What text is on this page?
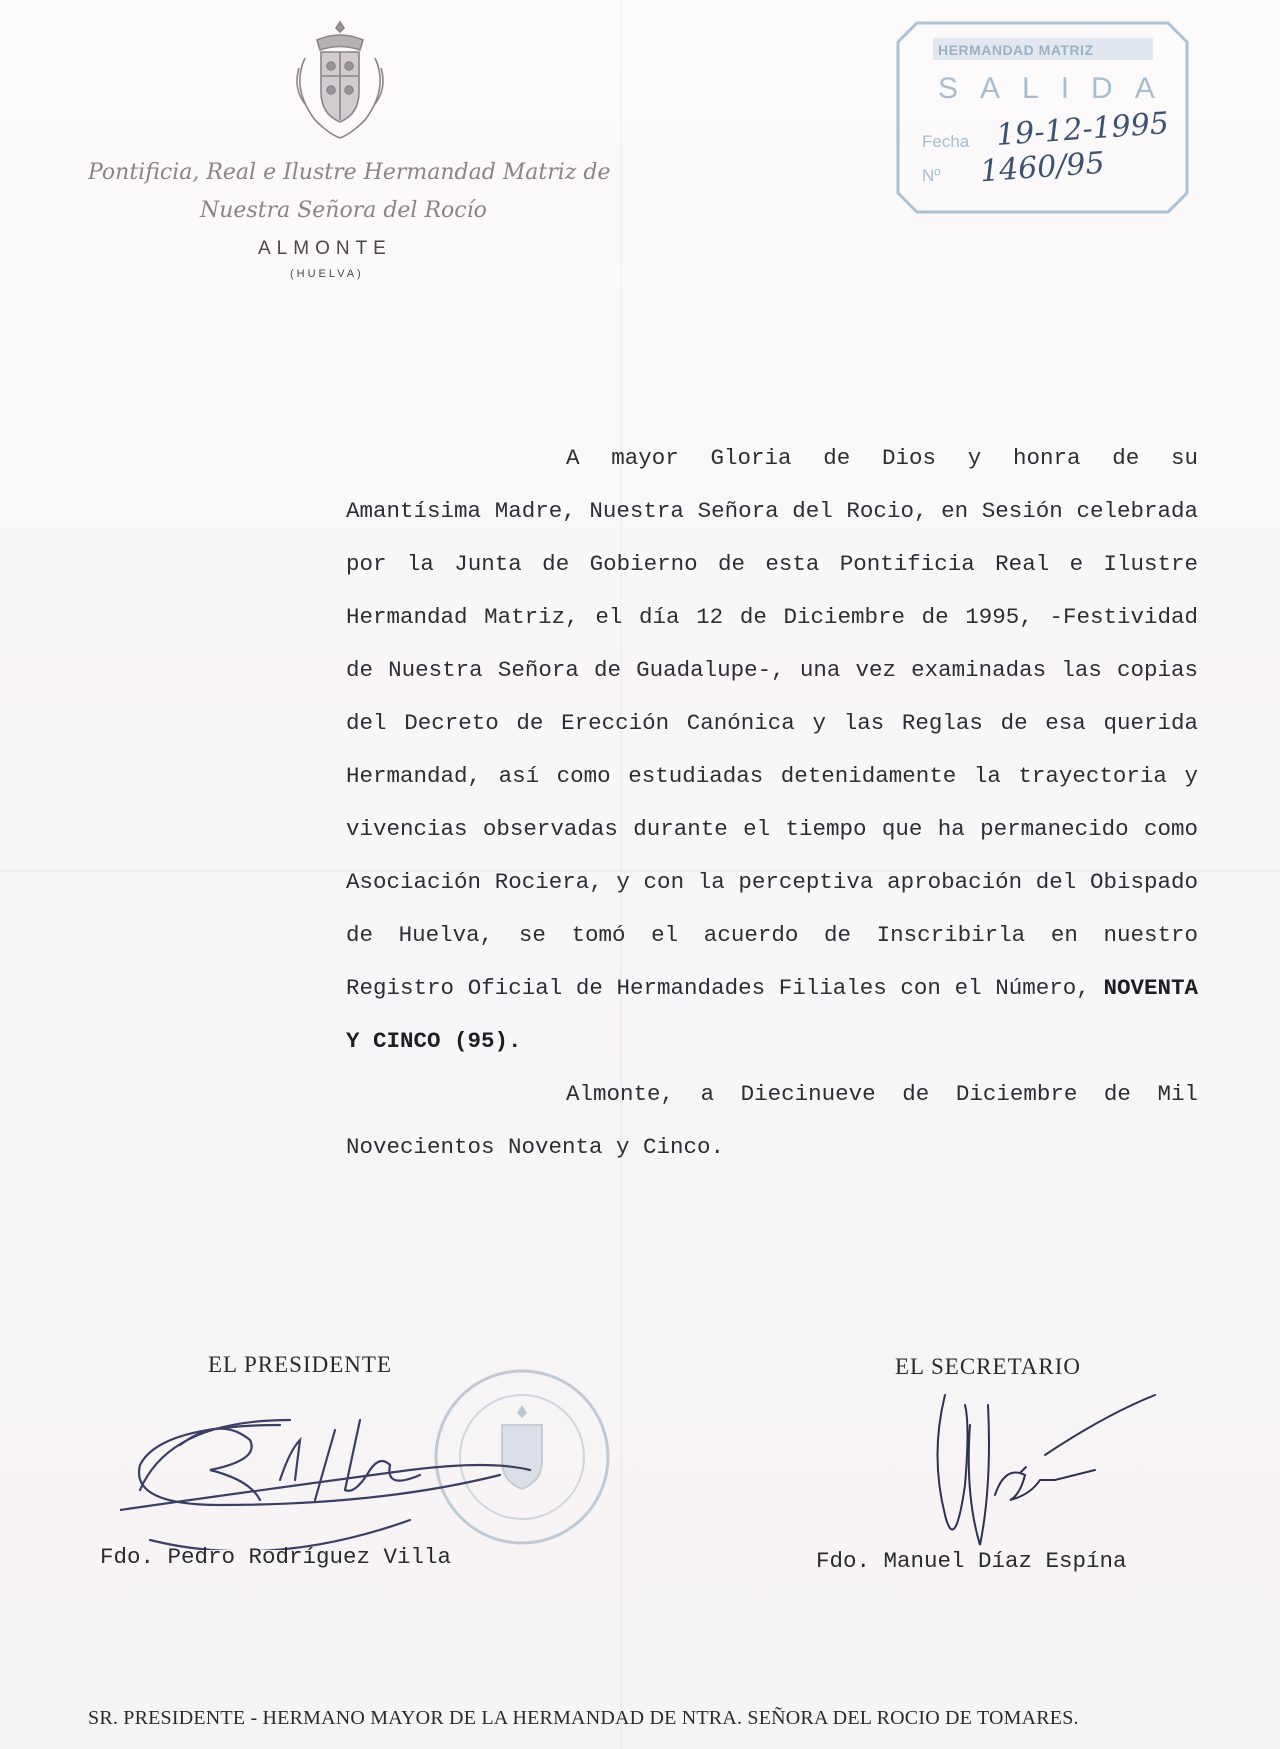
Pontificia, Real e Ilustre Hermandad Matriz de
Nuestra Señora del Rocío
ALMONTE
(HUELVA)
HERMANDAD MATRIZ
SALIDA
Fecha 19-12-1995
Nº 1460/95

A mayor Gloria de Dios y honra de su Amantísima Madre, Nuestra Señora del Rocio, en Sesión celebrada por la Junta de Gobierno de esta Pontificia Real e Ilustre Hermandad Matriz, el día 12 de Diciembre de 1995, -Festividad de Nuestra Señora de Guadalupe-, una vez examinadas las copias del Decreto de Erección Canónica y las Reglas de esa querida Hermandad, así como estudiadas detenidamente la trayectoria y vivencias observadas durante el tiempo que ha permanecido como Asociación Rociera, y con la perceptiva aprobación del Obispado de Huelva, se tomó el acuerdo de Inscribirla en nuestro Registro Oficial de Hermandades Filiales con el Número, NOVENTA Y CINCO (95).

Almonte, a Diecinueve de Diciembre de Mil Novecientos Noventa y Cinco.

EL PRESIDENTE	EL SECRETARIO
Fdo. Pedro Rodríguez Villa	Fdo. Manuel Díaz Espína
SR. PRESIDENTE - HERMANO MAYOR DE LA HERMANDAD DE NTRA. SEÑORA DEL ROCIO DE TOMARES.
